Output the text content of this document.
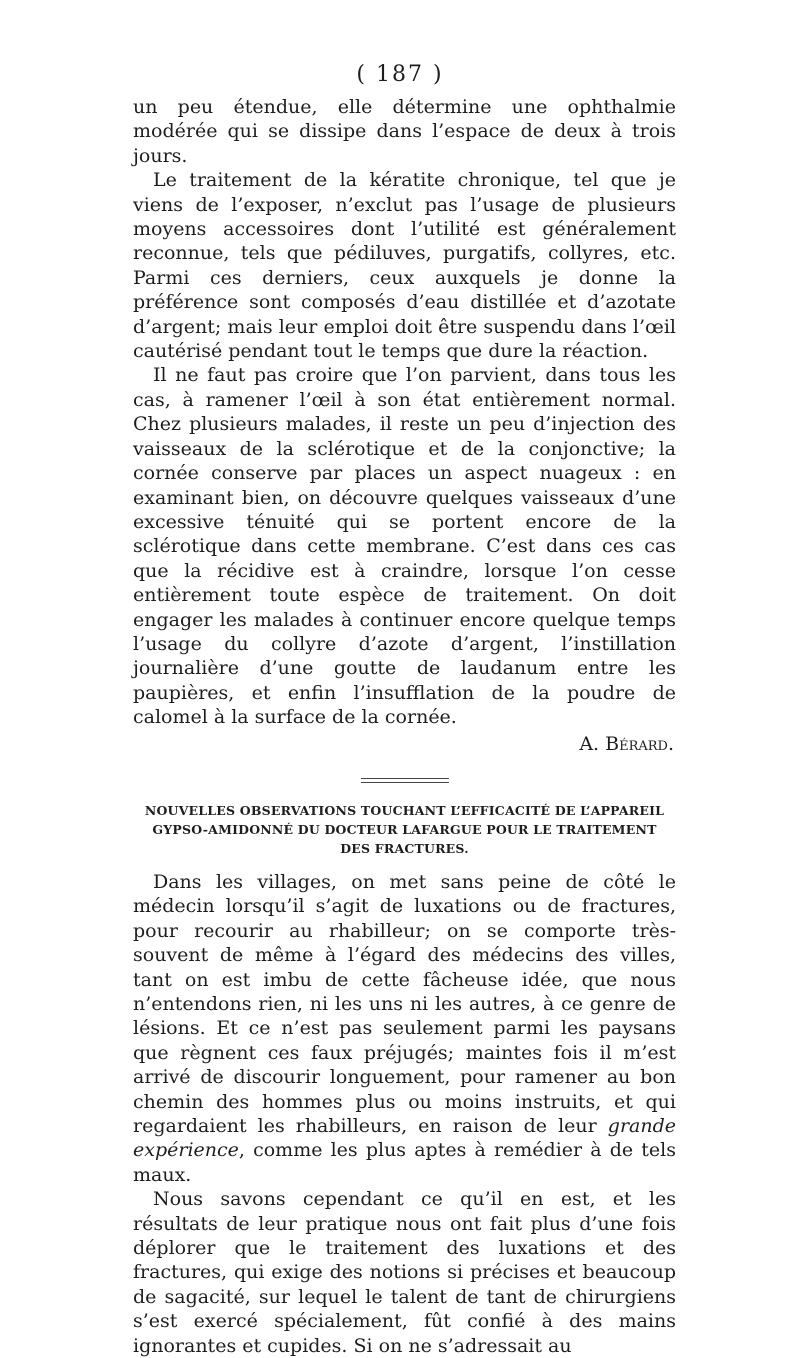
( 187 )

un peu étendue, elle détermine une ophthalmie modérée qui se dissipe dans l’espace de deux à trois jours.

Le traitement de la kératite chronique, tel que je viens de l’exposer, n’exclut pas l’usage de plusieurs moyens accessoires dont l’utilité est généralement reconnue, tels que pédiluves, purgatifs, collyres, etc. Parmi ces derniers, ceux auxquels je donne la préférence sont composés d’eau distillée et d’azotate d’argent; mais leur emploi doit être suspendu dans l’œil cautérisé pendant tout le temps que dure la réaction.

Il ne faut pas croire que l’on parvient, dans tous les cas, à ramener l’œil à son état entièrement normal. Chez plusieurs malades, il reste un peu d’injection des vaisseaux de la sclérotique et de la conjonctive; la cornée conserve par places un aspect nuageux : en examinant bien, on découvre quelques vaisseaux d’une excessive ténuité qui se portent encore de la sclérotique dans cette membrane. C’est dans ces cas que la récidive est à craindre, lorsque l’on cesse entièrement toute espèce de traitement. On doit engager les malades à continuer encore quelque temps l’usage du collyre d’azote d’argent, l’instillation journalière d’une goutte de laudanum entre les paupières, et enfin l’insufflation de la poudre de calomel à la surface de la cornée.

A. Bérard.
NOUVELLES OBSERVATIONS TOUCHANT L’EFFICACITÉ DE L’APPAREIL
GYPSO-AMIDONNÉ DU DOCTEUR LAFARGUE POUR LE TRAITEMENT
DES FRACTURES.

Dans les villages, on met sans peine de côté le médecin lorsqu’il s’agit de luxations ou de fractures, pour recourir au rhabilleur; on se comporte très-souvent de même à l’égard des médecins des villes, tant on est imbu de cette fâcheuse idée, que nous n’entendons rien, ni les uns ni les autres, à ce genre de lésions. Et ce n’est pas seulement parmi les paysans que règnent ces faux préjugés; maintes fois il m’est arrivé de discourir longuement, pour ramener au bon chemin des hommes plus ou moins instruits, et qui regardaient les rhabilleurs, en raison de leur grande expérience, comme les plus aptes à remédier à de tels maux.

Nous savons cependant ce qu’il en est, et les résultats de leur pratique nous ont fait plus d’une fois déplorer que le traitement des luxations et des fractures, qui exige des notions si précises et beaucoup de sagacité, sur lequel le talent de tant de chirurgiens s’est exercé spécialement, fût confié à des mains ignorantes et cupides. Si on ne s’adressait au
